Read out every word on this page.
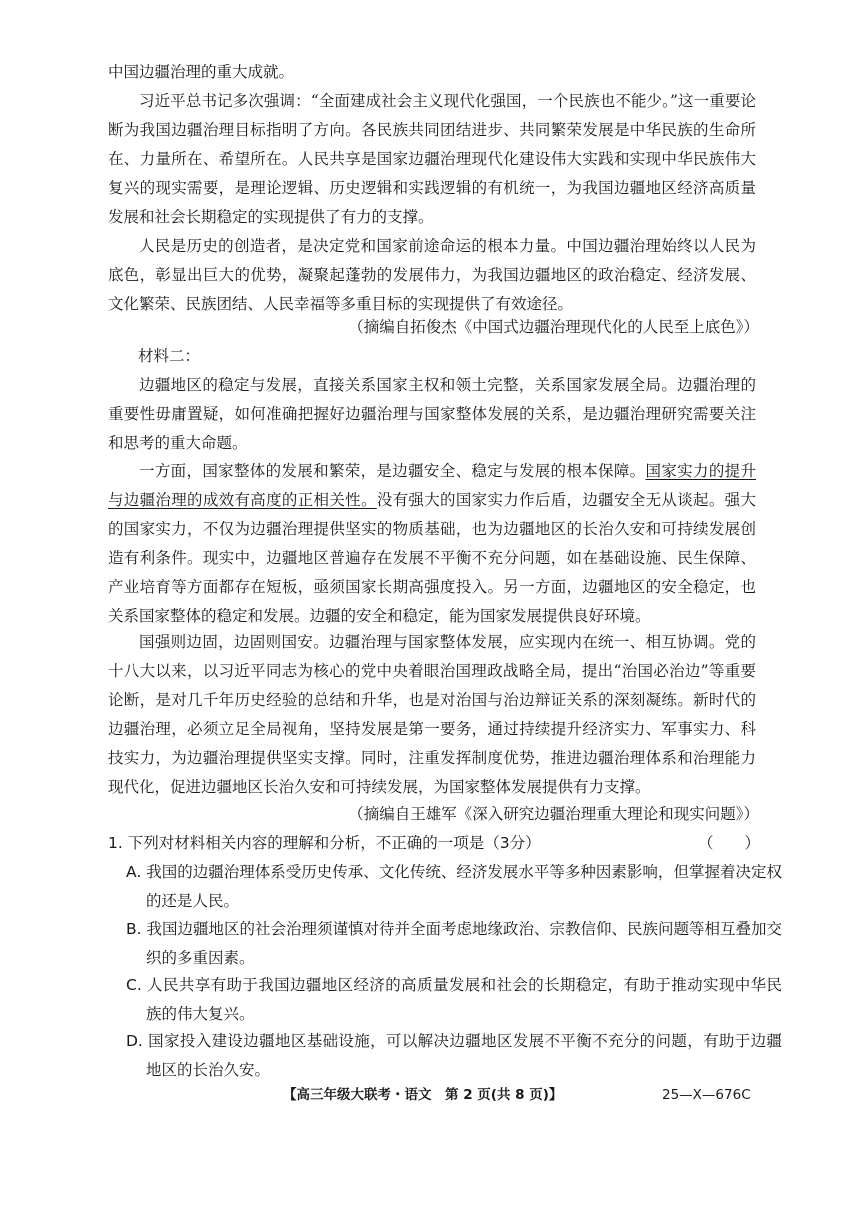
中国边疆治理的重大成就。

习近平总书记多次强调：“全面建成社会主义现代化强国，一个民族也不能少。”这一重要论断为我国边疆治理目标指明了方向。各民族共同团结进步、共同繁荣发展是中华民族的生命所在、力量所在、希望所在。人民共享是国家边疆治理现代化建设伟大实践和实现中华民族伟大复兴的现实需要，是理论逻辑、历史逻辑和实践逻辑的有机统一，为我国边疆地区经济高质量发展和社会长期稳定的实现提供了有力的支撑。

人民是历史的创造者，是决定党和国家前途命运的根本力量。中国边疆治理始终以人民为底色，彰显出巨大的优势，凝聚起蓬勃的发展伟力，为我国边疆地区的政治稳定、经济发展、文化繁荣、民族团结、人民幸福等多重目标的实现提供了有效途径。

（摘编自拓俊杰《中国式边疆治理现代化的人民至上底色》）

材料二：

边疆地区的稳定与发展，直接关系国家主权和领土完整，关系国家发展全局。边疆治理的重要性毋庸置疑，如何准确把握好边疆治理与国家整体发展的关系，是边疆治理研究需要关注和思考的重大命题。

一方面，国家整体的发展和繁荣，是边疆安全、稳定与发展的根本保障。国家实力的提升与边疆治理的成效有高度的正相关性。没有强大的国家实力作后盾，边疆安全无从谈起。强大的国家实力，不仅为边疆治理提供坚实的物质基础，也为边疆地区的长治久安和可持续发展创造有利条件。现实中，边疆地区普遍存在发展不平衡不充分问题，如在基础设施、民生保障、产业培育等方面都存在短板，亟须国家长期高强度投入。另一方面，边疆地区的安全稳定，也关系国家整体的稳定和发展。边疆的安全和稳定，能为国家发展提供良好环境。

国强则边固，边固则国安。边疆治理与国家整体发展，应实现内在统一、相互协调。党的十八大以来，以习近平同志为核心的党中央着眼治国理政战略全局，提出“治国必治边”等重要论断，是对几千年历史经验的总结和升华，也是对治国与治边辩证关系的深刻凝练。新时代的边疆治理，必须立足全局视角，坚持发展是第一要务，通过持续提升经济实力、军事实力、科技实力，为边疆治理提供坚实支撑。同时，注重发挥制度优势，推进边疆治理体系和治理能力现代化，促进边疆地区长治久安和可持续发展，为国家整体发展提供有力支撑。

（摘编自王雄军《深入研究边疆治理重大理论和现实问题》）

1. 下列对材料相关内容的理解和分析，不正确的一项是（3分）	（　　）

A. 我国的边疆治理体系受历史传承、文化传统、经济发展水平等多种因素影响，但掌握着决定权的还是人民。

B. 我国边疆地区的社会治理须谨慎对待并全面考虑地缘政治、宗教信仰、民族问题等相互叠加交织的多重因素。

C. 人民共享有助于我国边疆地区经济的高质量发展和社会的长期稳定，有助于推动实现中华民族的伟大复兴。

D. 国家投入建设边疆地区基础设施，可以解决边疆地区发展不平衡不充分的问题，有助于边疆地区的长治久安。

【高三年级大联考・语文　第 2 页(共 8 页)】	25—X—676C
